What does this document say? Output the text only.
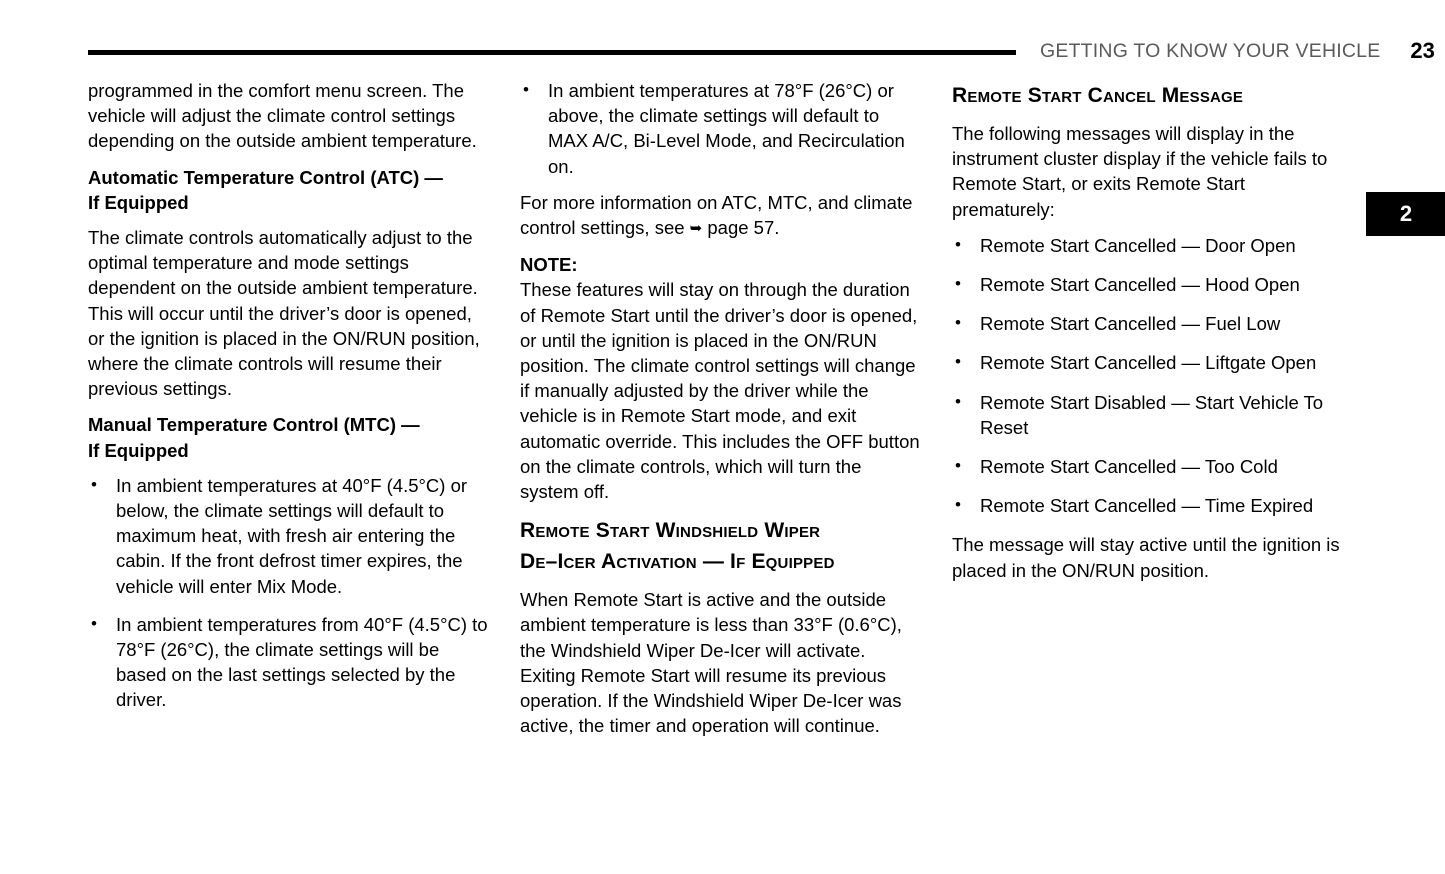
GETTING TO KNOW YOUR VEHICLE 23
2

programmed in the comfort menu screen. The vehicle will adjust the climate control settings depending on the outside ambient temperature.

Automatic Temperature Control (ATC) —
If Equipped

The climate controls automatically adjust to the optimal temperature and mode settings dependent on the outside ambient temperature. This will occur until the driver’s door is opened, or the ignition is placed in the ON/RUN position, where the climate controls will resume their previous settings.

Manual Temperature Control (MTC) —
If Equipped
• In ambient temperatures at 40°F (4.5°C) or below, the climate settings will default to maximum heat, with fresh air entering the cabin. If the front defrost timer expires, the vehicle will enter Mix Mode.
• In ambient temperatures from 40°F (4.5°C) to 78°F (26°C), the climate settings will be based on the last settings selected by the driver.
• In ambient temperatures at 78°F (26°C) or above, the climate settings will default to MAX A/C, Bi-Level Mode, and Recirculation on.

For more information on ATC, MTC, and climate control settings, see ➥ page 57.

NOTE:

These features will stay on through the duration of Remote Start until the driver’s door is opened, or until the ignition is placed in the ON/RUN position. The climate control settings will change if manually adjusted by the driver while the vehicle is in Remote Start mode, and exit automatic override. This includes the OFF button on the climate controls, which will turn the system off.

Remote Start Windshield Wiper
De–Icer Activation — If Equipped

When Remote Start is active and the outside ambient temperature is less than 33°F (0.6°C), the Windshield Wiper De-Icer will activate. Exiting Remote Start will resume its previous operation. If the Windshield Wiper De-Icer was active, the timer and operation will continue.

Remote Start Cancel Message

The following messages will display in the instrument cluster display if the vehicle fails to Remote Start, or exits Remote Start prematurely:

• Remote Start Cancelled — Door Open
• Remote Start Cancelled — Hood Open
• Remote Start Cancelled — Fuel Low
• Remote Start Cancelled — Liftgate Open
• Remote Start Disabled — Start Vehicle To Reset
• Remote Start Cancelled — Too Cold
• Remote Start Cancelled — Time Expired

The message will stay active until the ignition is placed in the ON/RUN position.
